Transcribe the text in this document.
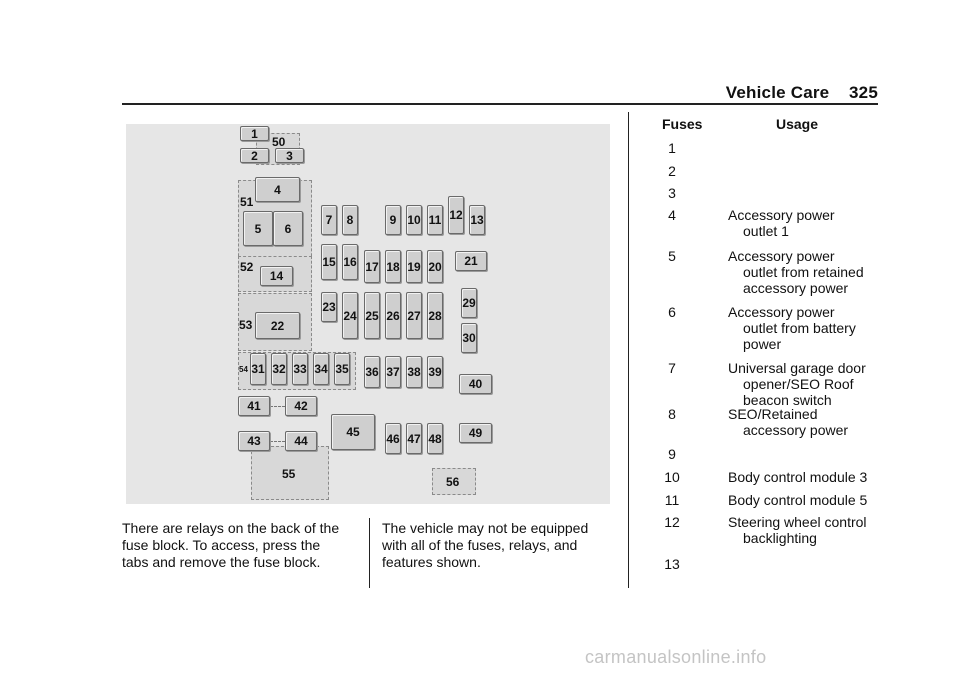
Vehicle Care 325
1
2	3
4
5	6
7	8	9 10 11 12 13
14
15 16 17 18 19 20	21
22
23
24 25 26 27 28
29
30
31 32 33 34 35 36 37 38 39
40
41	42
43	44
45	46 47 48	49
50
51
52
53
54
55
56
There are relays on the back of the
fuse block. To access, press the
tabs and remove the fuse block.
The vehicle may not be equipped
with all of the fuses, relays, and
features shown.
Fuses	Usage
1
2
3
4	Accessory power
outlet 1
5	Accessory power
outlet from retained
accessory power
6	Accessory power
outlet from battery
power
7	Universal garage door
opener/SEO Roof
beacon switch
8	SEO/Retained
accessory power
9
10	Body control module 3
11	Body control module 5
12	Steering wheel control
backlighting
13
carmanualsonline.info
